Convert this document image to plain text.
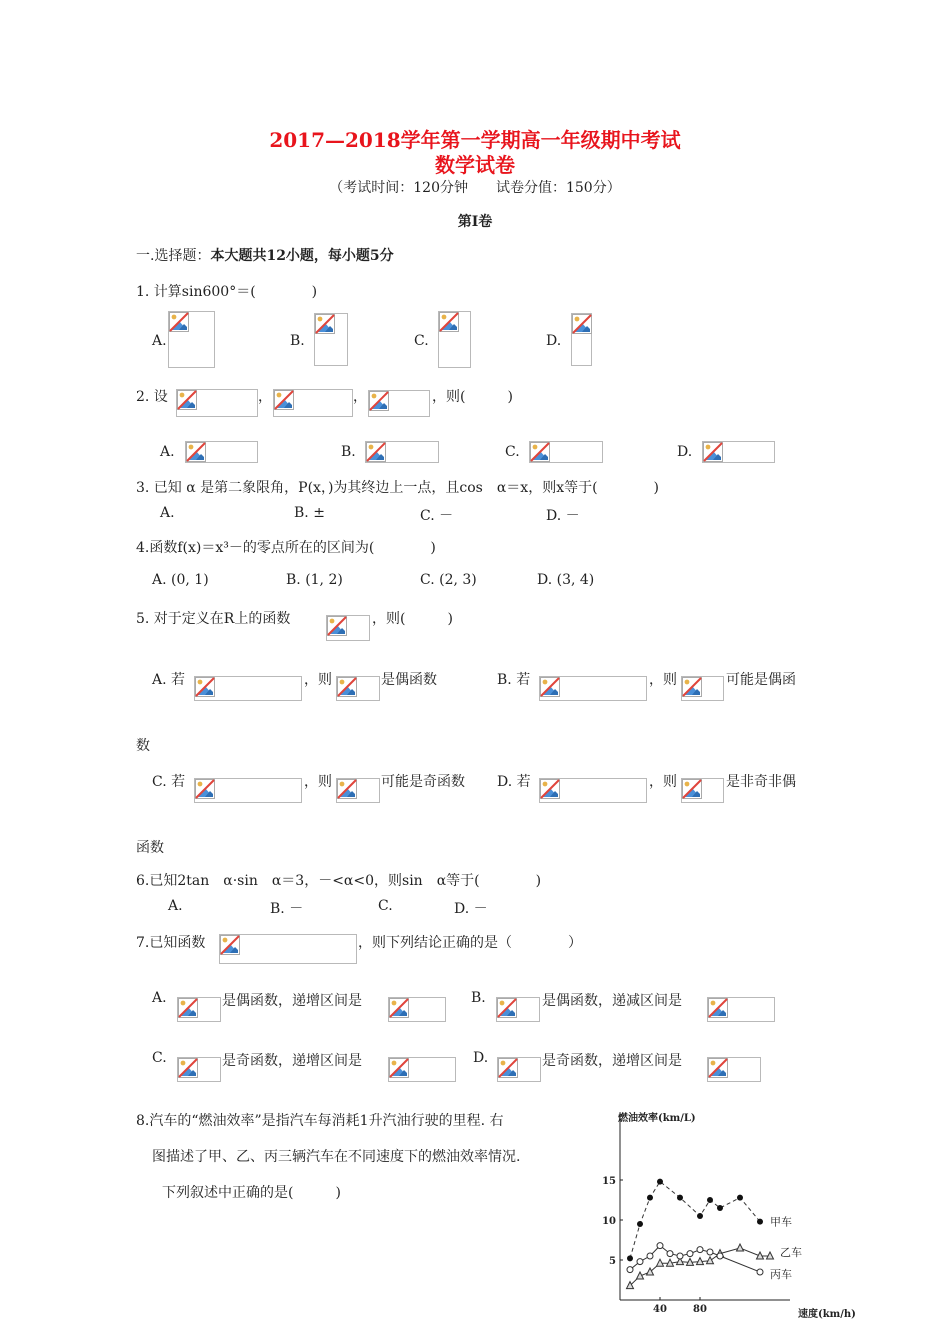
2017—2018学年第一学期高一年级期中考试
数学试卷
（考试时间：120分钟　　试卷分值：150分）
第Ⅰ卷
一.选择题：本大题共12小题，每小题5分
1. 计算sin600°＝(　　　　)
A.	B.	C.	D.
2. 设	，	，	，则(　　　)
A.	B.	C.	D.
3. 已知 α 是第二象限角，P(x，)为其终边上一点，且cos　α＝x，则x等于(　　　　)
A.	B. ±	C. －	D. －
4.函数f(x)＝x³－的零点所在的区间为(　　　　)
A. (0, 1)	B. (1, 2)	C. (2, 3)	D. (3, 4)
5. 对于定义在R上的函数	，则(　　　)
A. 若	，则	是偶函数	B. 若	，则	可能是偶函
数
C. 若	，则	可能是奇函数 D. 若	，则	是非奇非偶
函数
6.已知2tan　α·sin　α＝3，－<α<0，则sin　α等于(　　　　)
A.	B. －	C.	D. －
7.已知函数	，则下列结论正确的是（　　　　）
A.	是偶函数，递增区间是	B.	是偶函数，递减区间是
C.	是奇函数，递增区间是	D.	是奇函数，递增区间是
8.汽车的“燃油效率”是指汽车每消耗1升汽油行驶的里程. 右
图描述了甲、乙、丙三辆汽车在不同速度下的燃油效率情况.
下列叙述中正确的是(　　　)
燃油效率(km/L)
速度(km/h)
5
10
15
40	80
甲车
乙车
丙车
